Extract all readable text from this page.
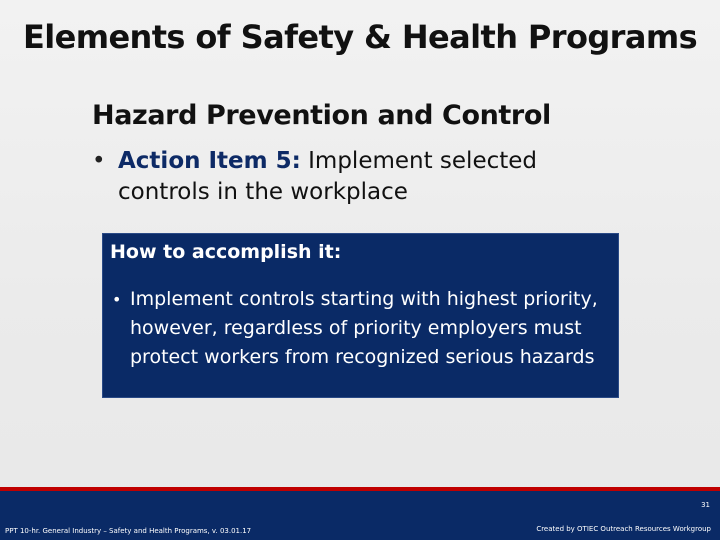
Elements of Safety & Health Programs
Hazard Prevention and Control
• Action Item 5: Implement selected controls in the workplace
How to accomplish it:
• Implement controls starting with highest priority, however, regardless of priority employers must protect workers from recognized serious hazards
PPT 10-hr. General Industry – Safety and Health Programs, v. 03.01.17
31
Created by OTIEC Outreach Resources Workgroup
